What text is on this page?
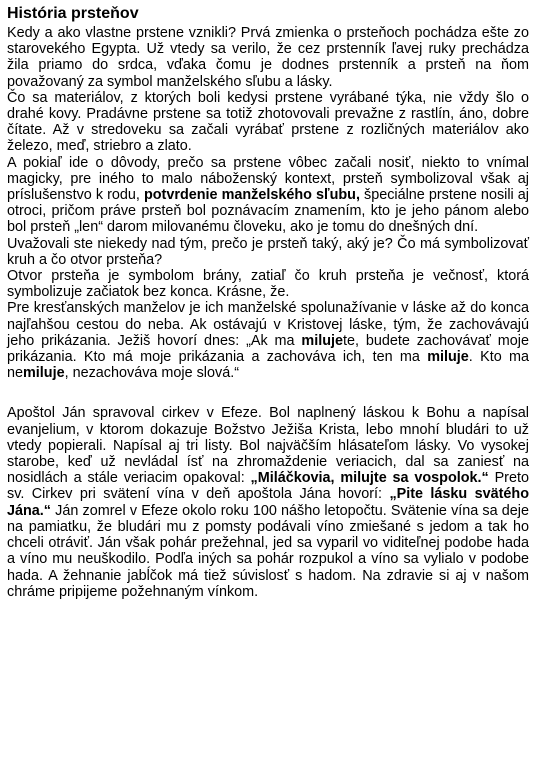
História prsteňov

Kedy a ako vlastne prstene vznikli? Prvá zmienka o prsteňoch pochádza ešte zo starovekého Egypta. Už vtedy sa verilo, že cez prstenník ľavej ruky prechádza žila priamo do srdca, vďaka čomu je dodnes prstenník a prsteň na ňom považovaný za symbol manželského sľubu a lásky.

Čo sa materiálov, z ktorých boli kedysi prstene vyrábané týka, nie vždy šlo o drahé kovy. Pradávne prstene sa totiž zhotovovali prevažne z rastlín, áno, dobre čítate. Až v stredoveku sa začali vyrábať prstene z rozličných materiálov ako železo, meď, striebro a zlato.

A pokiaľ ide o dôvody, prečo sa prstene vôbec začali nosiť, niekto to vnímal magicky, pre iného to malo náboženský kontext, prsteň symbolizoval však aj príslušenstvo k rodu, potvrdenie manželského sľubu, špeciálne prstene nosili aj otroci, pričom práve prsteň bol poznávacím znamením, kto je jeho pánom alebo bol prsteň „len“ darom milovanému človeku, ako je tomu do dnešných dní.

Uvažovali ste niekedy nad tým, prečo je prsteň taký, aký je? Čo má symbolizovať kruh a čo otvor prsteňa?

Otvor prsteňa je symbolom brány, zatiaľ čo kruh prsteňa je večnosť, ktorá symbolizuje začiatok bez konca. Krásne, že.

Pre kresťanských manželov je ich manželské spolunažívanie v láske až do konca najľahšou cestou do neba. Ak ostávajú v Kristovej láske, tým, že zachovávajú jeho prikázania. Ježiš hovorí dnes: „Ak ma milujete, budete zachovávať moje prikázania. Kto má moje prikázania a zachováva ich, ten ma miluje. Kto ma nemiluje, nezachováva moje slová.“

Apoštol Ján spravoval cirkev v Efeze. Bol naplnený láskou k Bohu a napísal evanjelium, v ktorom dokazuje Božstvo Ježiša Krista, lebo mnohí bludári to už vtedy popierali. Napísal aj tri listy. Bol najväčším hlásateľom lásky. Vo vysokej starobe, keď už nevládal ísť na zhromaždenie veriacich, dal sa zaniesť na nosidlách a stále veriacim opakoval: „Miláčkovia, milujte sa vospolok.“ Preto sv. Cirkev pri svätení vína v deň apoštola Jána hovorí: „Pite lásku svätého Jána.“ Ján zomrel v Efeze okolo roku 100 nášho letopočtu. Svätenie vína sa deje na pamiatku, že bludári mu z pomsty podávali víno zmiešané s jedom a tak ho chceli otráviť. Ján však pohár prežehnal, jed sa vyparil vo viditeľnej podobe hada a víno mu neuškodilo. Podľa iných sa pohár rozpukol a víno sa vylialo v podobe hada. A žehnanie jabĺčok má tiež súvislosť s hadom. Na zdravie si aj v našom chráme pripijeme požehnaným vínkom.
